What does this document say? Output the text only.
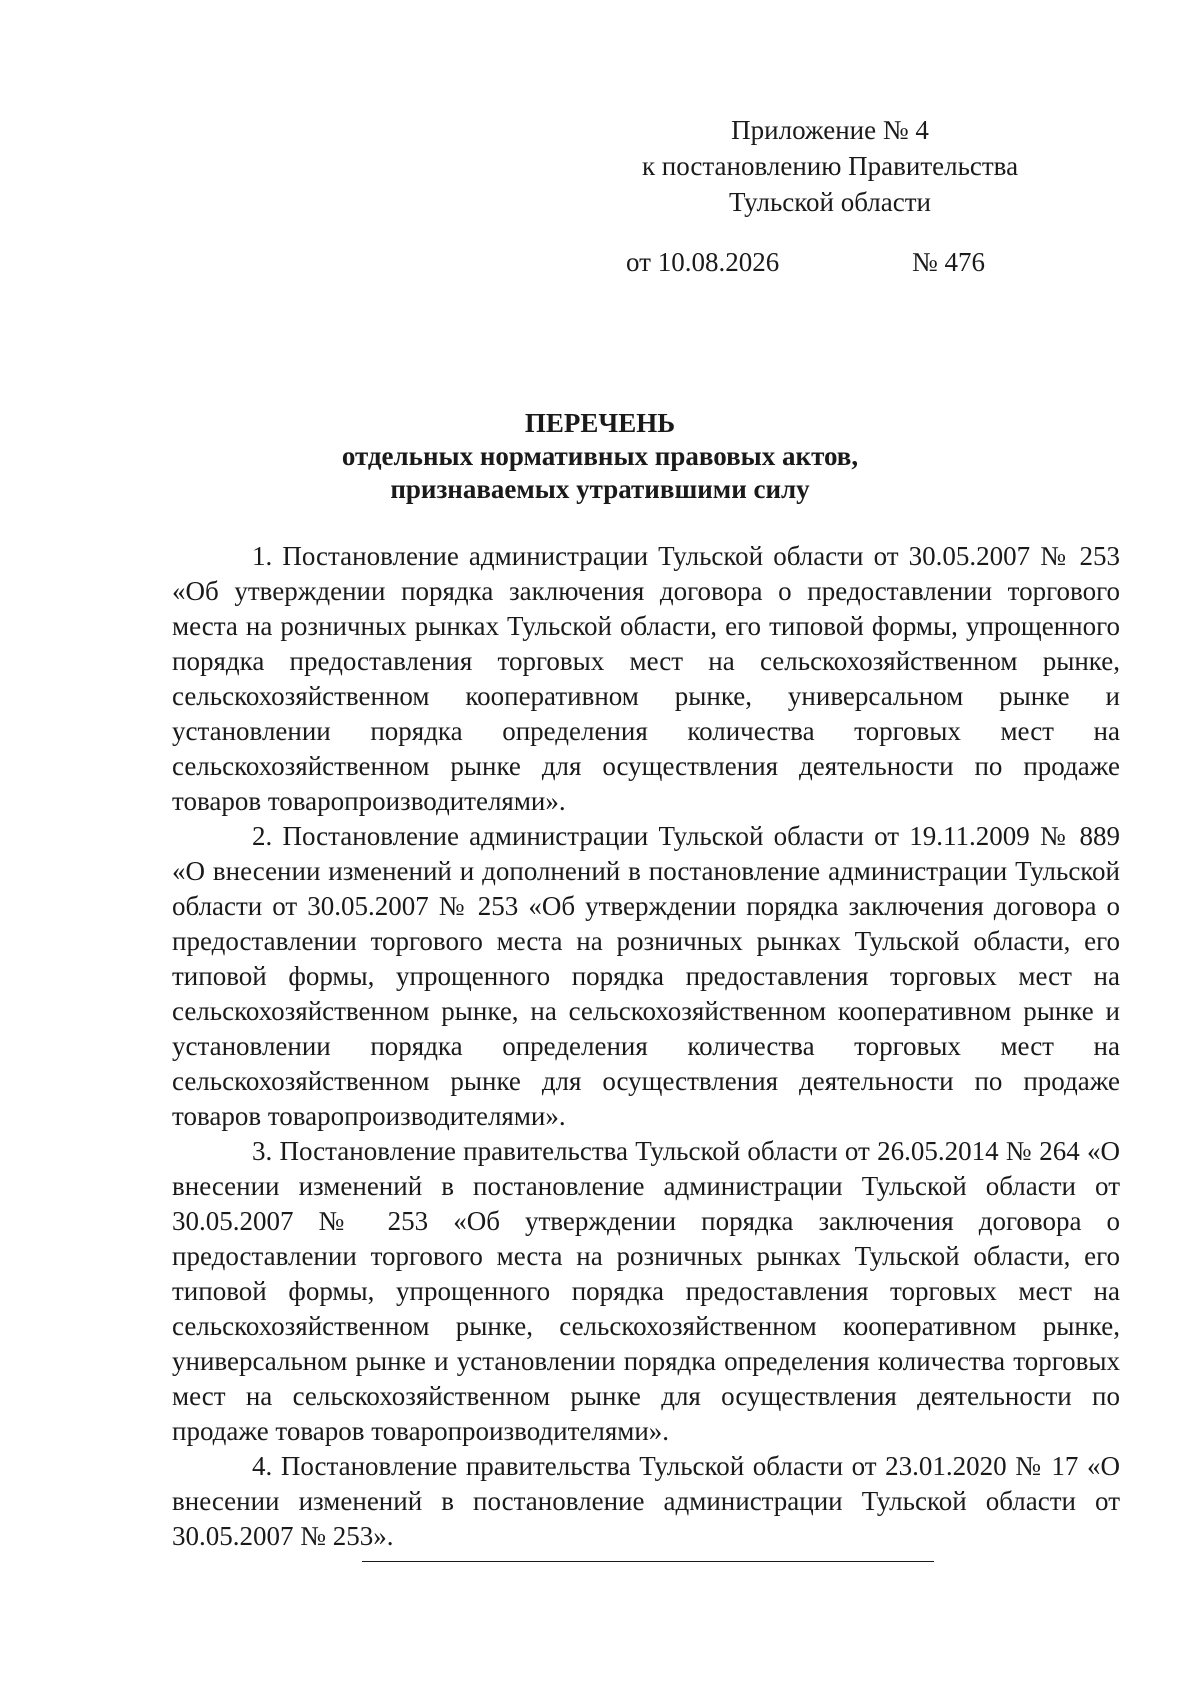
Приложение № 4
к постановлению Правительства
Тульской области
от 10.08.2026	№ 476
ПЕРЕЧЕНЬ
отдельных нормативных правовых актов,
признаваемых утратившими силу

1. Постановление администрации Тульской области от 30.05.2007 № 253 «Об утверждении порядка заключения договора о предоставлении торгового места на розничных рынках Тульской области, его типовой формы, упрощенного порядка предоставления торговых мест на сельскохозяйственном рынке, сельскохозяйственном кооперативном рынке, универсальном рынке и установлении порядка определения количества торговых мест на сельскохозяйственном рынке для осуществления деятельности по продаже товаров товаропроизводителями».

2. Постановление администрации Тульской области от 19.11.2009 № 889 «О внесении изменений и дополнений в постановление администрации Тульской области от 30.05.2007 № 253 «Об утверждении порядка заключения договора о предоставлении торгового места на розничных рынках Тульской области, его типовой формы, упрощенного порядка предоставления торговых мест на сельскохозяйственном рынке, на сельскохозяйственном кооперативном рынке и установлении порядка определения количества торговых мест на сельскохозяйственном рынке для осуществления деятельности по продаже товаров товаропроизводителями».

3. Постановление правительства Тульской области от 26.05.2014 № 264 «О внесении изменений в постановление администрации Тульской области от 30.05.2007 № 253 «Об утверждении порядка заключения договора о предоставлении торгового места на розничных рынках Тульской области, его типовой формы, упрощенного порядка предоставления торговых мест на сельскохозяйственном рынке, сельскохозяйственном кооперативном рынке, универсальном рынке и установлении порядка определения количества торговых мест на сельскохозяйственном рынке для осуществления деятельности по продаже товаров товаропроизводителями».

4. Постановление правительства Тульской области от 23.01.2020 № 17 «О внесении изменений в постановление администрации Тульской области от 30.05.2007 № 253».
